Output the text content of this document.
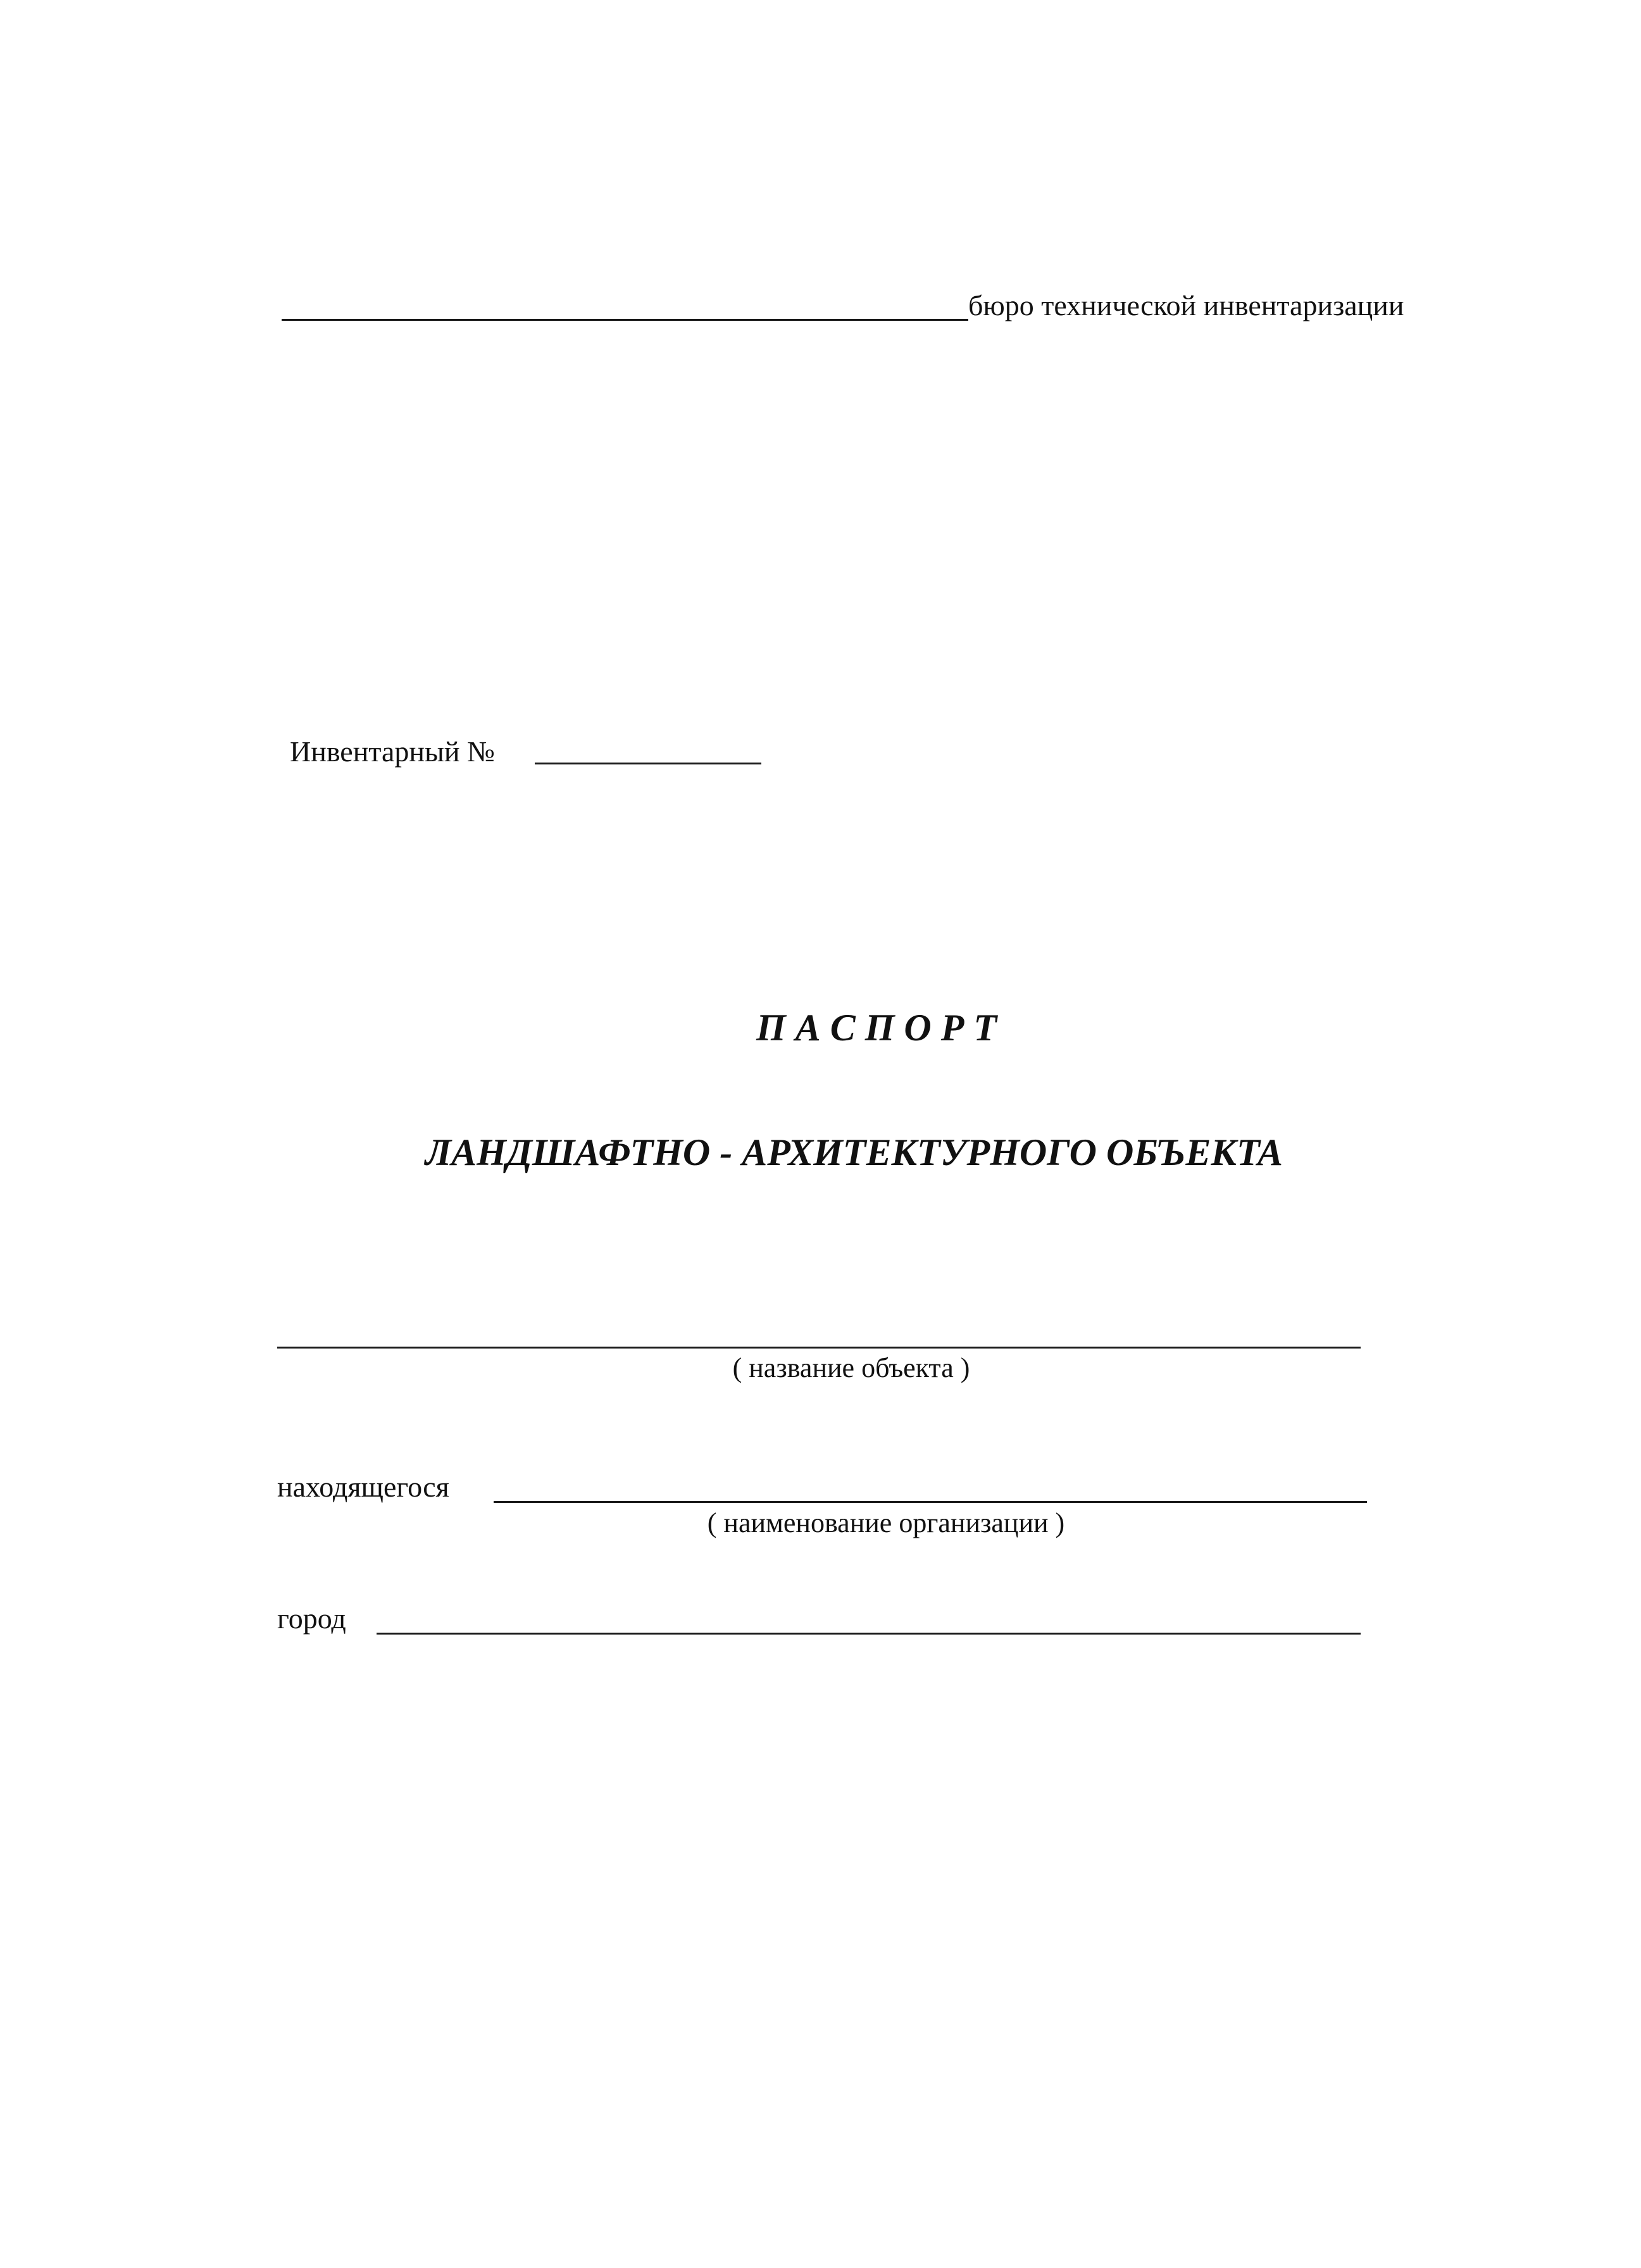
бюро технической инвентаризации
Инвентарный №
П А С П О Р Т
ЛАНДШАФТНО - АРХИТЕКТУРНОГО ОБЪЕКТА
( название объекта )
находящегося
( наименование организации )
город
